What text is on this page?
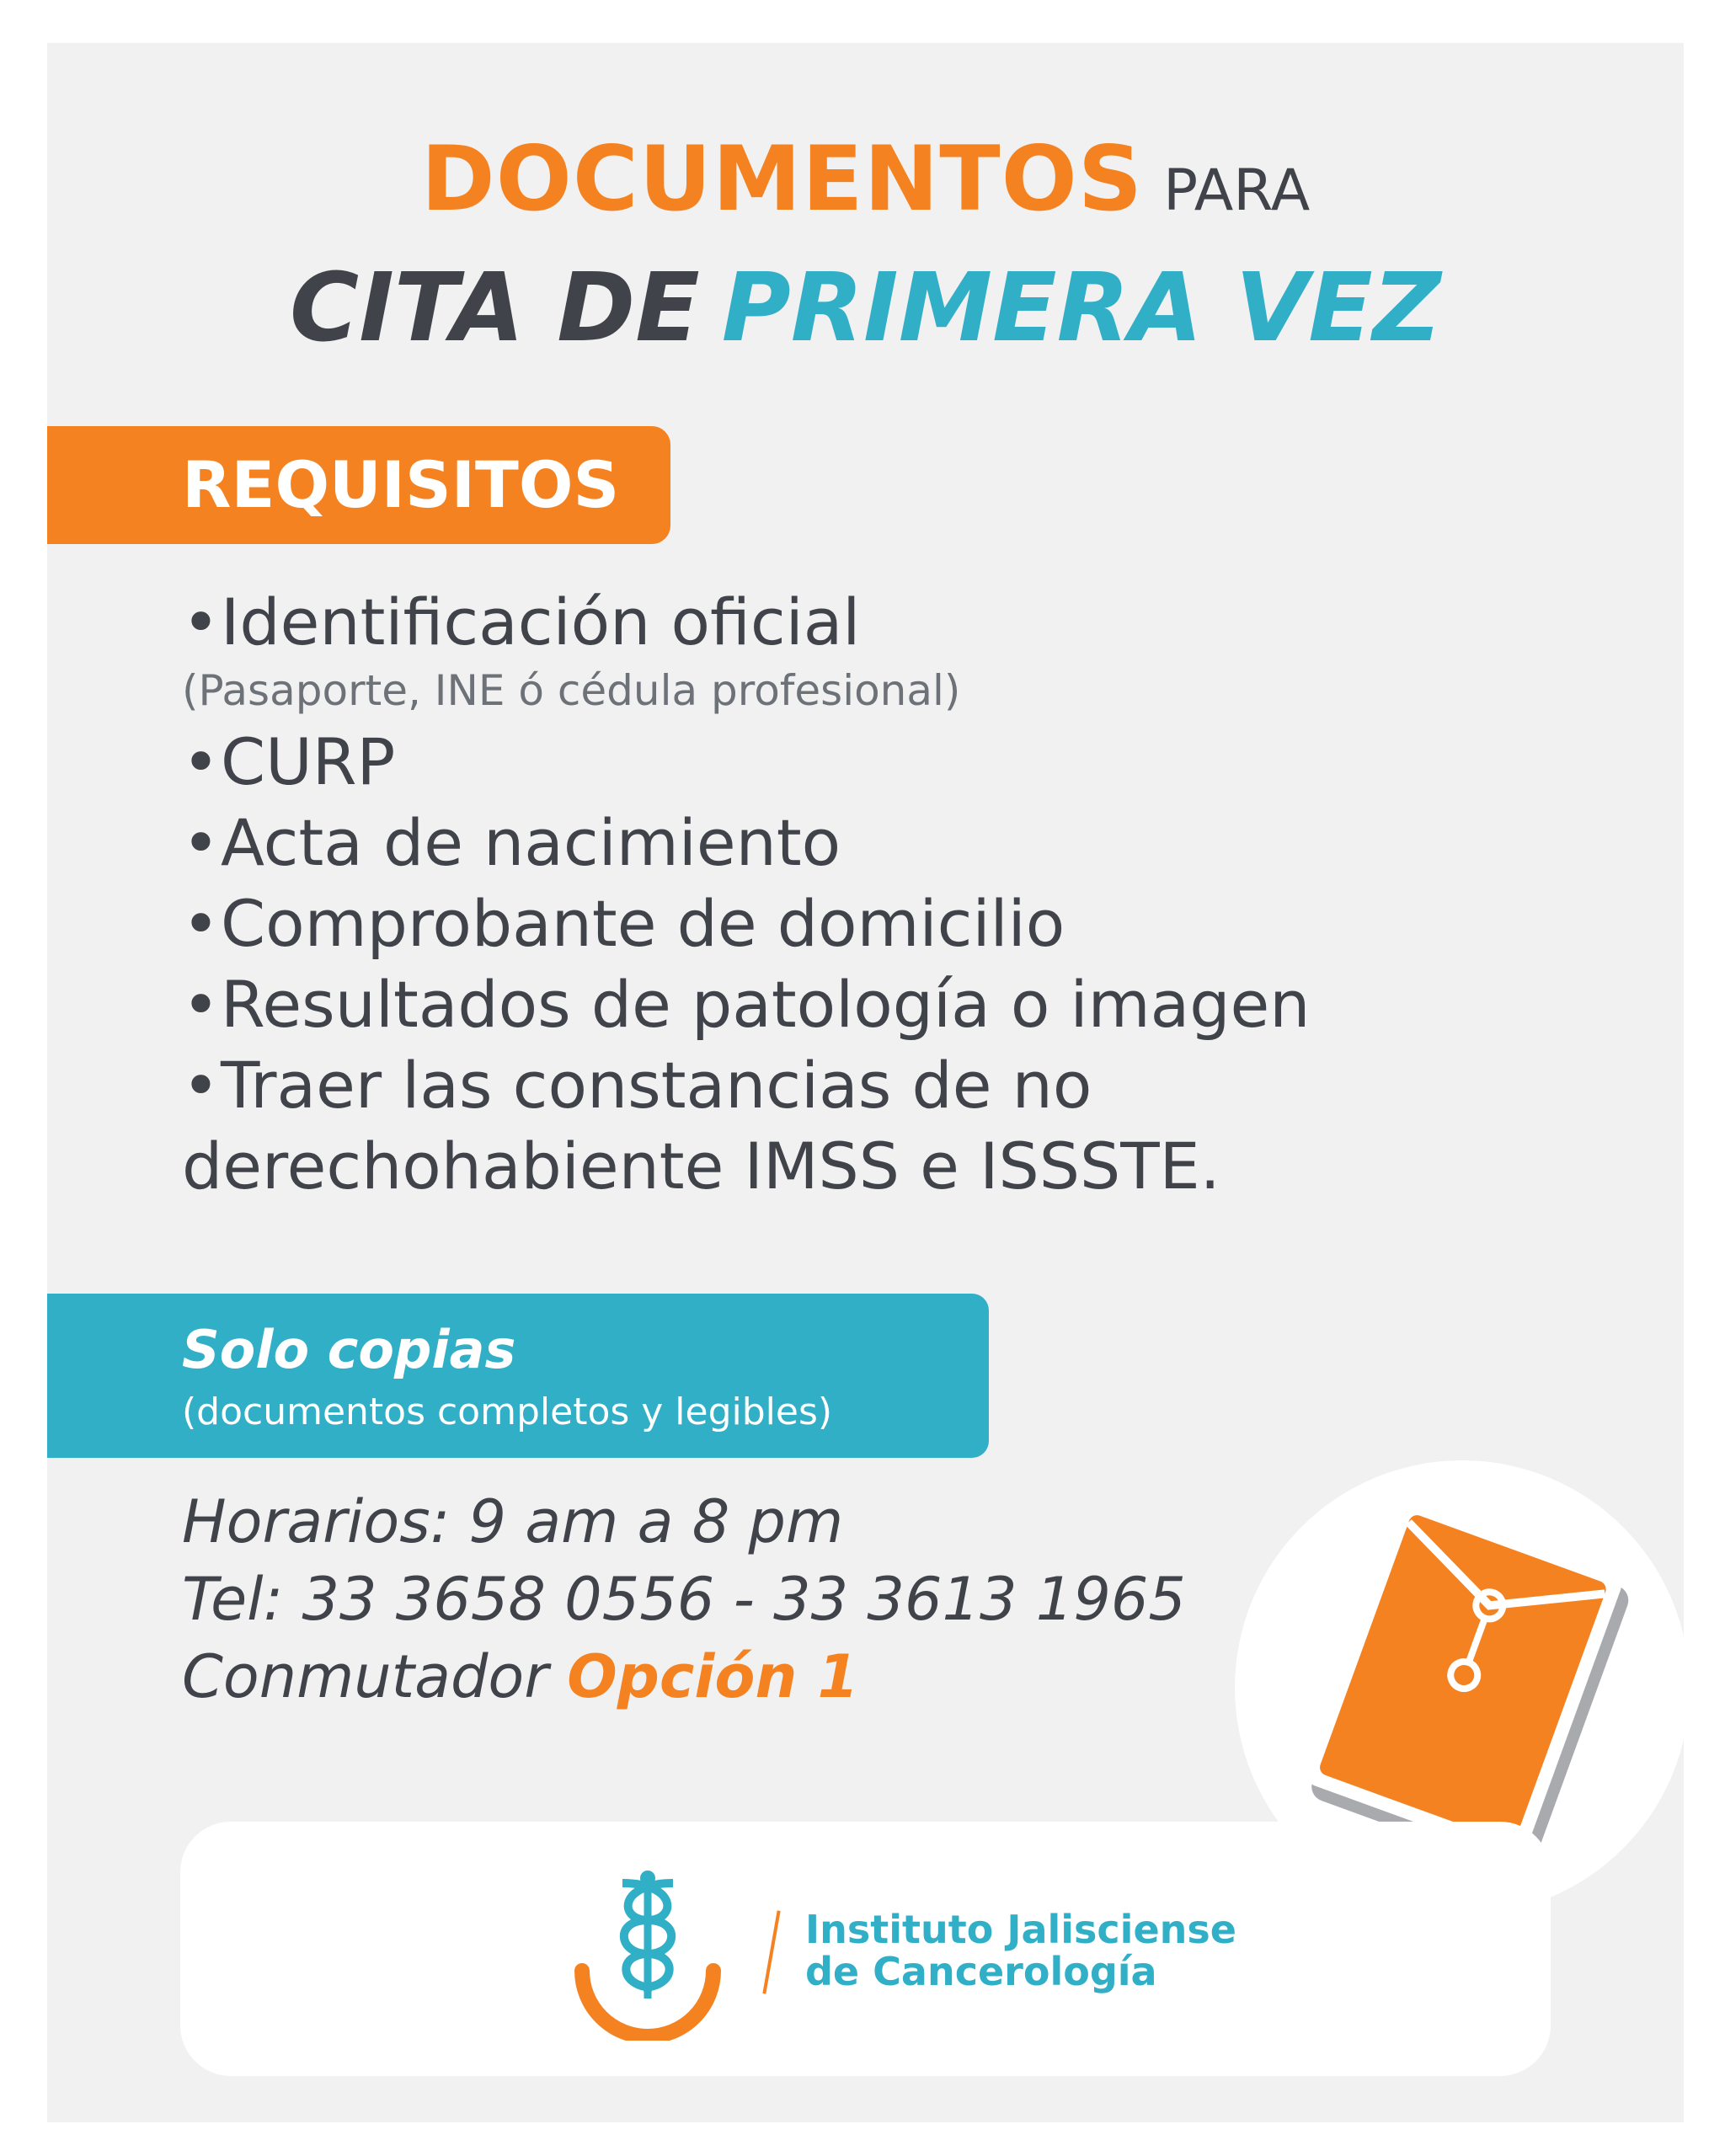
DOCUMENTOS PARA
CITA DE PRIMERA VEZ
REQUISITOS
•Identificación oficial
(Pasaporte, INE ó cédula profesional)
•CURP
•Acta de nacimiento
•Comprobante de domicilio
•Resultados de patología o imagen
•Traer las constancias de no
derechohabiente IMSS e ISSSTE.
Solo copias
(documentos completos y legibles)
Horarios: 9 am a 8 pm
Tel: 33 3658 0556 - 33 3613 1965
Conmutador Opción 1
Instituto Jalisciense
de Cancerología
